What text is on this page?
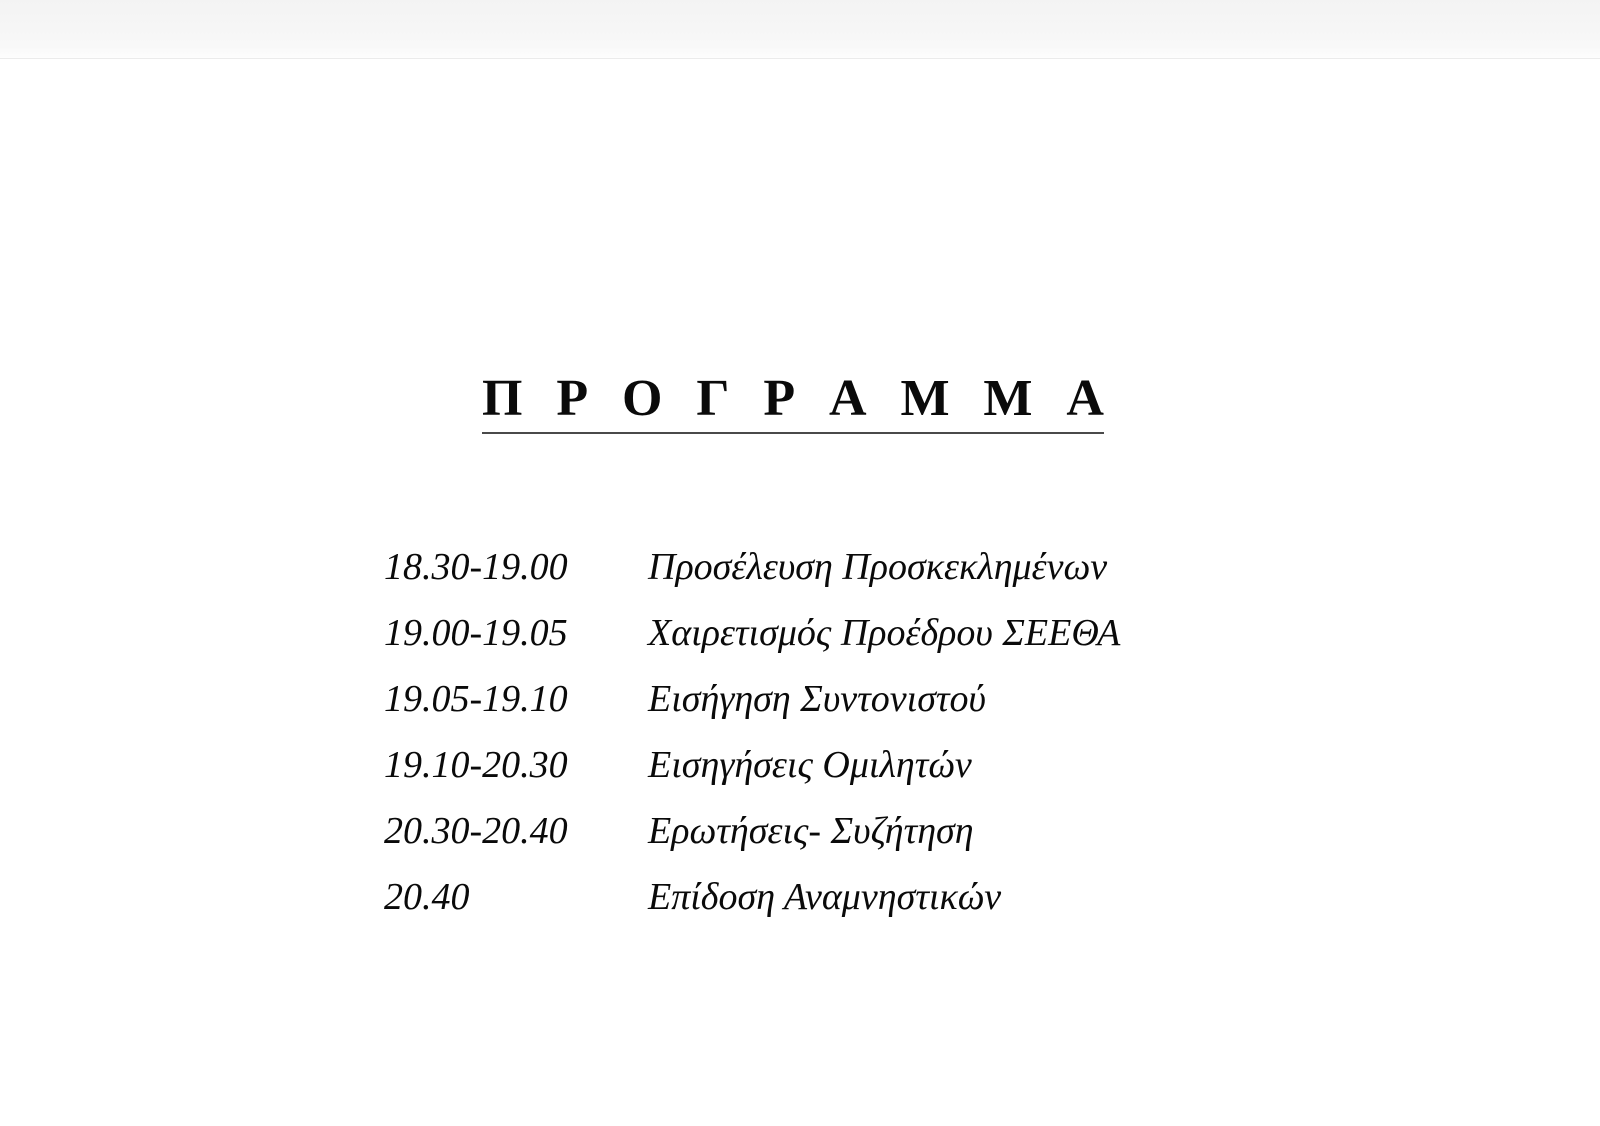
Π Ρ Ο Γ Ρ Α Μ Μ Α
18.30-19.00	Προσέλευση Προσκεκλημένων
19.00-19.05	Χαιρετισμός Προέδρου ΣΕΕΘΑ
19.05-19.10	Εισήγηση Συντονιστού
19.10-20.30	Εισηγήσεις Ομιλητών
20.30-20.40	Ερωτήσεις- Συζήτηση
20.40	Επίδοση Αναμνηστικών
